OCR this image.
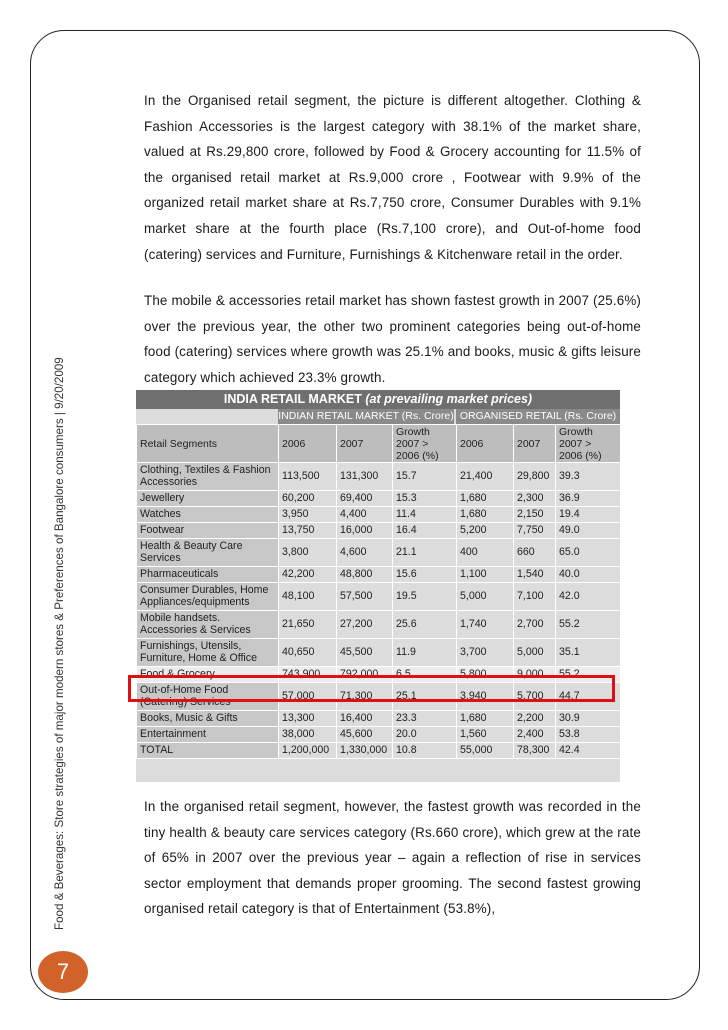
Food & Beverages: Store strategies of major modern stores & Preferences of Bangalore consumers | 9/20/2009

In the Organised retail segment, the picture is different altogether. Clothing & Fashion Accessories is the largest category with 38.1% of the market share, valued at Rs.29,800 crore, followed by Food & Grocery accounting for 11.5% of the organised retail market at Rs.9,000 crore , Footwear with 9.9% of the organized retail market share at Rs.7,750 crore, Consumer Durables with 9.1% market share at the fourth place (Rs.7,100 crore), and Out-of-home food (catering) services and Furniture, Furnishings & Kitchenware retail in the order.

The mobile & accessories retail market has shown fastest growth in 2007 (25.6%) over the previous year, the other two prominent categories being out-of-home food (catering) services where growth was 25.1% and books, music & gifts leisure category which achieved 23.3% growth.

INDIA RETAIL MARKET (at prevailing market prices)
INDIAN RETAIL MARKET (Rs. Crore) ORGANISED RETAIL (Rs. Crore)
Retail Segments	2006	2007	Growth 2007 > 2006 (%)	2006	2007	Growth 2007 > 2006 (%)
Clothing, Textiles & Fashion Accessories	113,500	131,300	15.7	21,400	29,800	39.3
Jewellery	60,200	69,400	15.3	1,680	2,300	36.9
Watches	3,950	4,400	11.4	1,680	2,150	19.4
Footwear	13,750	16,000	16.4	5,200	7,750	49.0
Health & Beauty Care Services	3,800	4,600	21.1	400	660	65.0
Pharmaceuticals	42,200	48,800	15.6	1,100	1,540	40.0
Consumer Durables, Home Appliances/equipments	48,100	57,500	19.5	5,000	7,100	42.0
Mobile handsets. Accessories & Services	21,650	27,200	25.6	1,740	2,700	55.2
Furnishings, Utensils, Furniture, Home & Office	40,650	45,500	11.9	3,700	5,000	35.1
Food & Grocery	743,900	792,000	6.5	5,800	9,000	55.2
Out-of-Home Food (Catering) Services	57,000	71,300	25.1	3,940	5,700	44.7
Books, Music & Gifts	13,300	16,400	23.3	1,680	2,200	30.9
Entertainment	38,000	45,600	20.0	1,560	2,400	53.8
TOTAL	1,200,000	1,330,000	10.8	55,000	78,300	42.4

In the organised retail segment, however, the fastest growth was recorded in the tiny health & beauty care services category (Rs.660 crore), which grew at the rate of 65% in 2007 over the previous year – again a reflection of rise in services sector employment that demands proper grooming. The second fastest growing organised retail category is that of Entertainment (53.8%),

7
